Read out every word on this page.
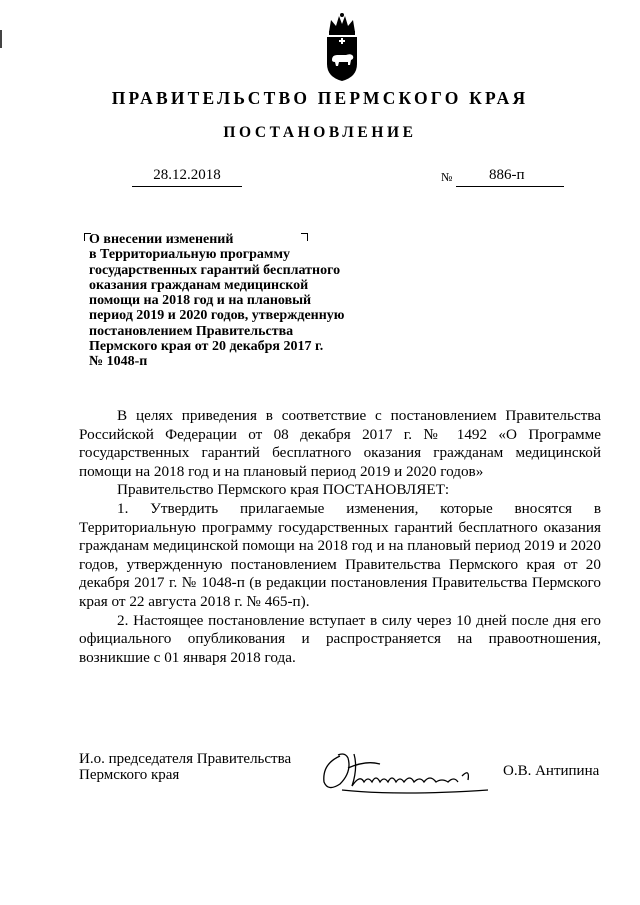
ПРАВИТЕЛЬСТВО ПЕРМСКОГО КРАЯ
ПОСТАНОВЛЕНИЕ
28.12.2018	№ 886-п
О внесении изменений
в Территориальную программу
государственных гарантий бесплатного
оказания гражданам медицинской
помощи на 2018 год и на плановый
период 2019 и 2020 годов, утвержденную
постановлением Правительства
Пермского края от 20 декабря 2017 г.
№ 1048-п

В целях приведения в соответствие с постановлением Правительства Российской Федерации от 08 декабря 2017 г. № 1492 «О Программе государственных гарантий бесплатного оказания гражданам медицинской помощи на 2018 год и на плановый период 2019 и 2020 годов»

Правительство Пермского края ПОСТАНОВЛЯЕТ:

1. Утвердить прилагаемые изменения, которые вносятся в Территориальную программу государственных гарантий бесплатного оказания гражданам медицинской помощи на 2018 год и на плановый период 2019 и 2020 годов, утвержденную постановлением Правительства Пермского края от 20 декабря 2017 г. № 1048-п (в редакции постановления Правительства Пермского края от 22 августа 2018 г. № 465-п).

2. Настоящее постановление вступает в силу через 10 дней после дня его официального опубликования и распространяется на правоотношения, возникшие с 01 января 2018 года.

И.о. председателя Правительства
Пермского края	О.В. Антипина
